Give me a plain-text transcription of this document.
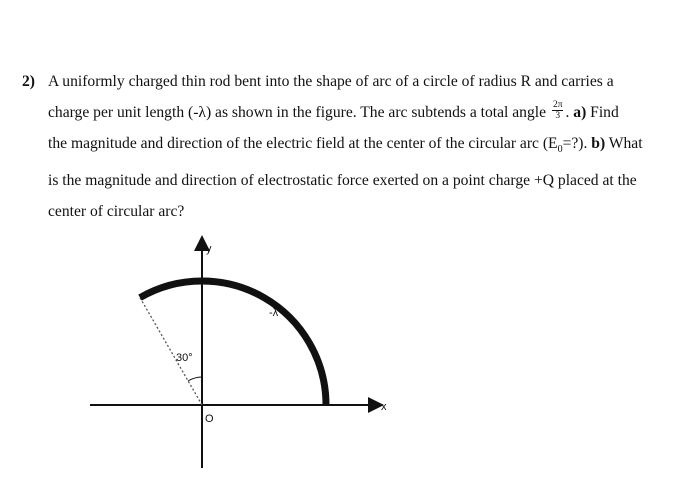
2) A uniformly charged thin rod bent into the shape of arc of a circle of radius R and carries a
charge per unit length (-λ) as shown in the figure. The arc subtends a total angle $\frac{2\pi}{3}$ . a) Find
the magnitude and direction of the electric field at the center of the circular arc $(E_0=?)$. b) What
is the magnitude and direction of electrostatic force exerted on a point charge +Q placed at the
center of circular arc?
y
x
O
-λ
30°
